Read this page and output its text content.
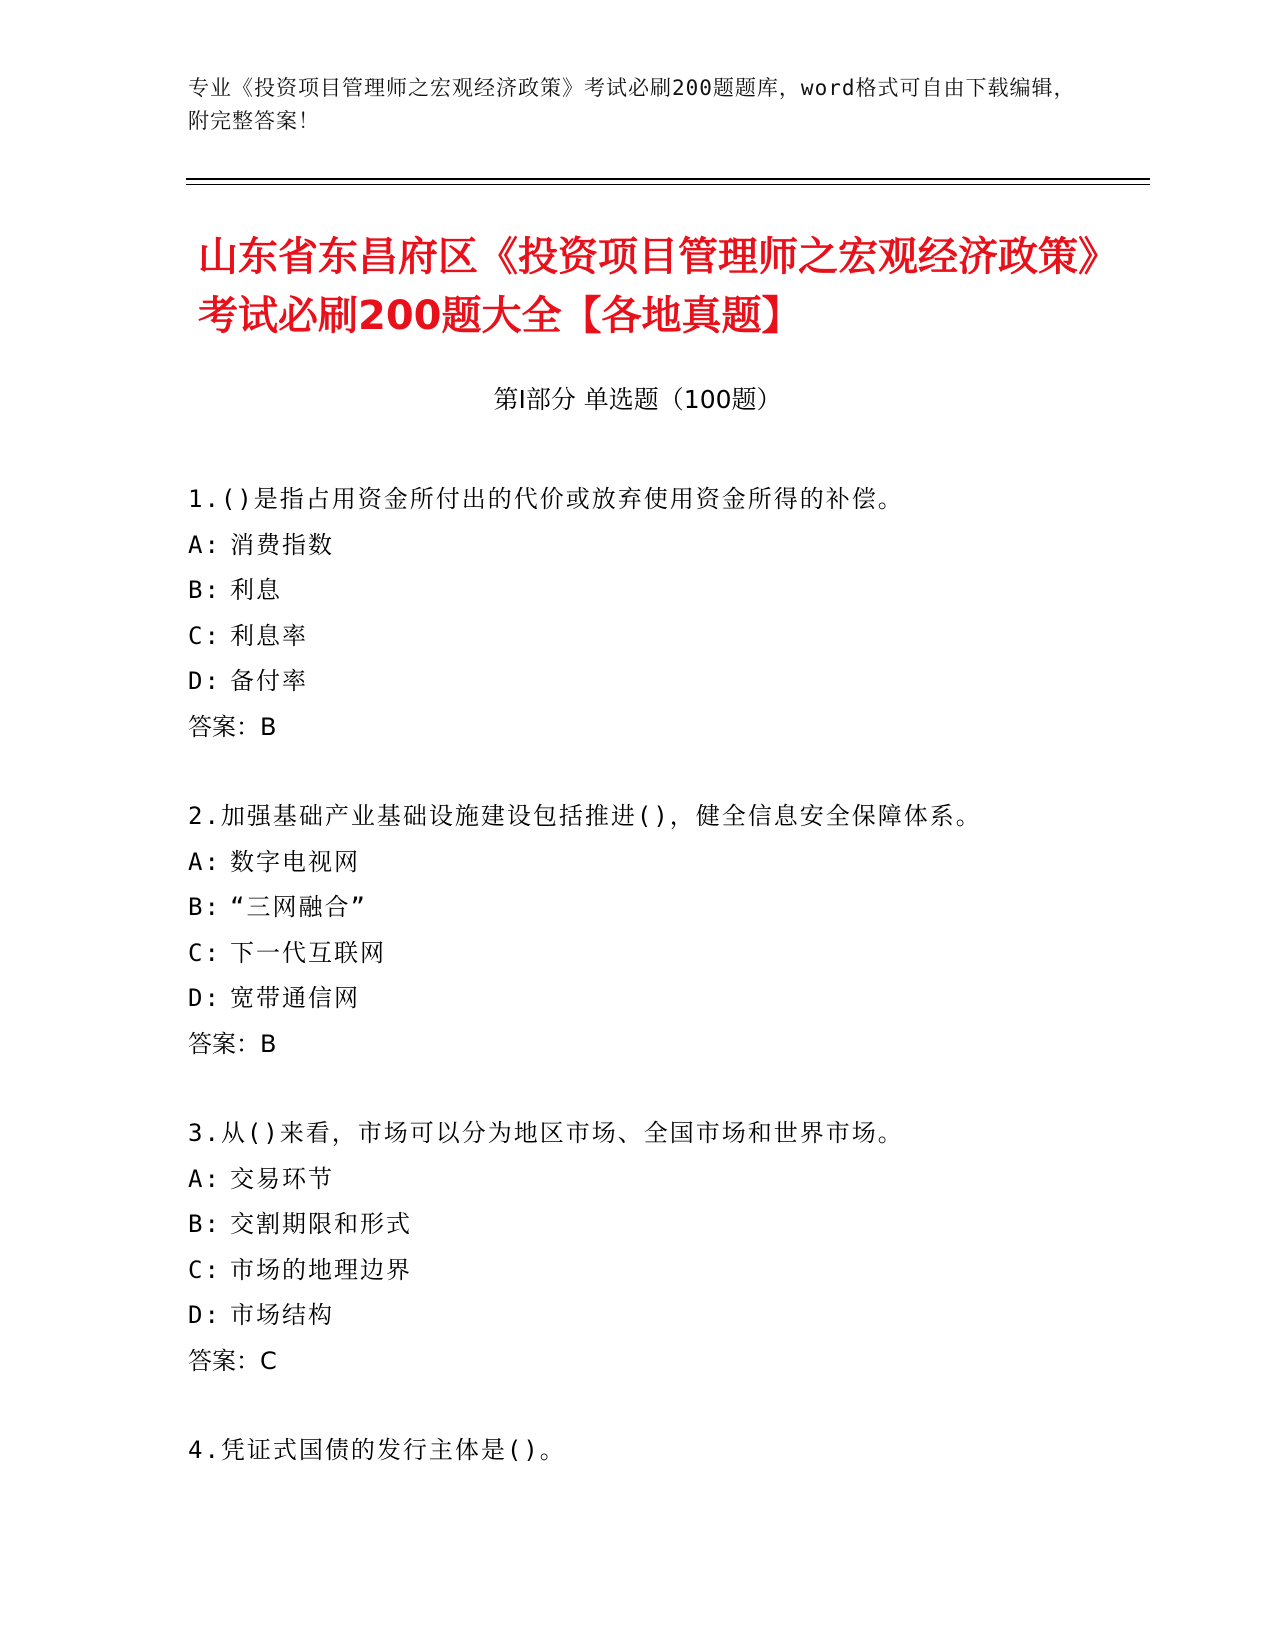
专业《投资项目管理师之宏观经济政策》考试必刷200题题库，word格式可自由下载编辑，附完整答案！
山东省东昌府区《投资项目管理师之宏观经济政策》考试必刷200题大全【各地真题】
第I部分 单选题（100题）
1.()是指占用资金所付出的代价或放弃使用资金所得的补偿。
A: 消费指数
B: 利息
C: 利息率
D: 备付率
答案：B
2.加强基础产业基础设施建设包括推进()，健全信息安全保障体系。
A: 数字电视网
B: “三网融合”
C: 下一代互联网
D: 宽带通信网
答案：B
3.从()来看，市场可以分为地区市场、全国市场和世界市场。
A: 交易环节
B: 交割期限和形式
C: 市场的地理边界
D: 市场结构
答案：C
4.凭证式国债的发行主体是()。
